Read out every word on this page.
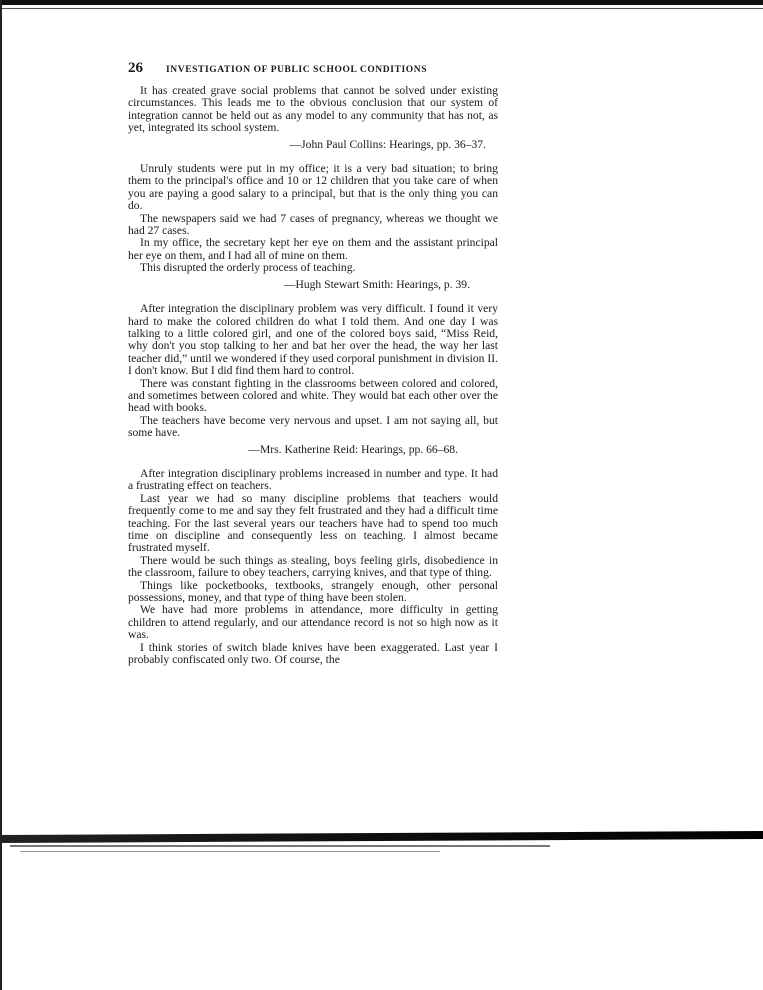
26	INVESTIGATION OF PUBLIC SCHOOL CONDITIONS

It has created grave social problems that cannot be solved under existing circumstances. This leads me to the obvious conclusion that our system of integration cannot be held out as any model to any community that has not, as yet, integrated its school system.

—John Paul Collins: Hearings, pp. 36–37.

Unruly students were put in my office; it is a very bad situation; to bring them to the principal's office and 10 or 12 children that you take care of when you are paying a good salary to a principal, but that is the only thing you can do.

The newspapers said we had 7 cases of pregnancy, whereas we thought we had 27 cases.

In my office, the secretary kept her eye on them and the assistant principal her eye on them, and I had all of mine on them.

This disrupted the orderly process of teaching.

—Hugh Stewart Smith: Hearings, p. 39.

After integration the disciplinary problem was very difficult. I found it very hard to make the colored children do what I told them. And one day I was talking to a little colored girl, and one of the colored boys said, “Miss Reid, why don't you stop talking to her and bat her over the head, the way her last teacher did,” until we wondered if they used corporal punishment in division II. I don't know. But I did find them hard to control.

There was constant fighting in the classrooms between colored and colored, and sometimes between colored and white. They would bat each other over the head with books.

The teachers have become very nervous and upset. I am not saying all, but some have.

—Mrs. Katherine Reid: Hearings, pp. 66–68.

After integration disciplinary problems increased in number and type. It had a frustrating effect on teachers.

Last year we had so many discipline problems that teachers would frequently come to me and say they felt frustrated and they had a difficult time teaching. For the last several years our teachers have had to spend too much time on discipline and consequently less on teaching. I almost became frustrated myself.

There would be such things as stealing, boys feeling girls, disobedience in the classroom, failure to obey teachers, carrying knives, and that type of thing.

Things like pocketbooks, textbooks, strangely enough, other personal possessions, money, and that type of thing have been stolen.

We have had more problems in attendance, more difficulty in getting children to attend regularly, and our attendance record is not so high now as it was.

I think stories of switch blade knives have been exaggerated. Last year I probably confiscated only two. Of course, the
